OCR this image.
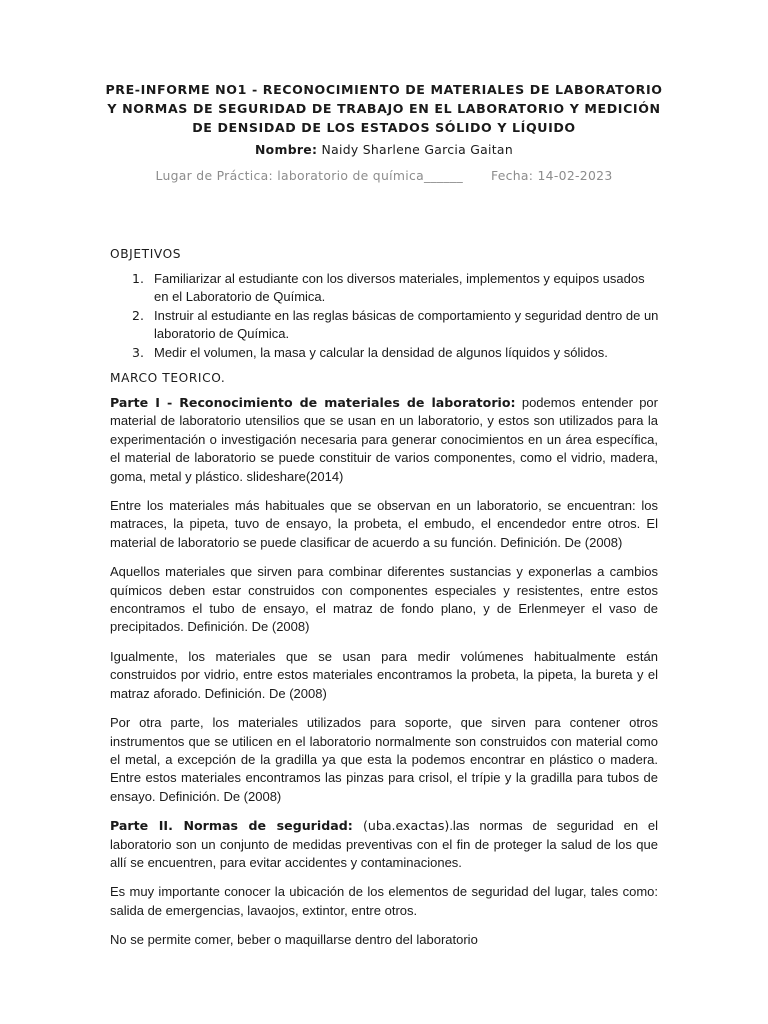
PRE-INFORME NO1 - RECONOCIMIENTO DE MATERIALES DE LABORATORIO Y NORMAS DE SEGURIDAD DE TRABAJO EN EL LABORATORIO Y MEDICIÓN DE DENSIDAD DE LOS ESTADOS SÓLIDO Y LÍQUIDO
Nombre: Naidy Sharlene Garcia Gaitan
Lugar de Práctica: laboratorio de química______ Fecha: 14-02-2023
OBJETIVOS
1. Familiarizar al estudiante con los diversos materiales, implementos y equipos usados en el Laboratorio de Química.
2. Instruir al estudiante en las reglas básicas de comportamiento y seguridad dentro de un laboratorio de Química.
3. Medir el volumen, la masa y calcular la densidad de algunos líquidos y sólidos.
MARCO TEORICO.

Parte I - Reconocimiento de materiales de laboratorio: podemos entender por material de laboratorio utensilios que se usan en un laboratorio, y estos son utilizados para la experimentación o investigación necesaria para generar conocimientos en un área específica, el material de laboratorio se puede constituir de varios componentes, como el vidrio, madera, goma, metal y plástico. slideshare(2014)

Entre los materiales más habituales que se observan en un laboratorio, se encuentran: los matraces, la pipeta, tuvo de ensayo, la probeta, el embudo, el encendedor entre otros. El material de laboratorio se puede clasificar de acuerdo a su función. Definición. De (2008)

Aquellos materiales que sirven para combinar diferentes sustancias y exponerlas a cambios químicos deben estar construidos con componentes especiales y resistentes, entre estos encontramos el tubo de ensayo, el matraz de fondo plano, y de Erlenmeyer el vaso de precipitados. Definición. De (2008)

Igualmente, los materiales que se usan para medir volúmenes habitualmente están construidos por vidrio, entre estos materiales encontramos la probeta, la pipeta, la bureta y el matraz aforado. Definición. De (2008)

Por otra parte, los materiales utilizados para soporte, que sirven para contener otros instrumentos que se utilicen en el laboratorio normalmente son construidos con material como el metal, a excepción de la gradilla ya que esta la podemos encontrar en plástico o madera. Entre estos materiales encontramos las pinzas para crisol, el trípie y la gradilla para tubos de ensayo. Definición. De (2008)

Parte II. Normas de seguridad: (uba.exactas).las normas de seguridad en el laboratorio son un conjunto de medidas preventivas con el fin de proteger la salud de los que allí se encuentren, para evitar accidentes y contaminaciones.

Es muy importante conocer la ubicación de los elementos de seguridad del lugar, tales como: salida de emergencias, lavaojos, extintor, entre otros.

No se permite comer, beber o maquillarse dentro del laboratorio
